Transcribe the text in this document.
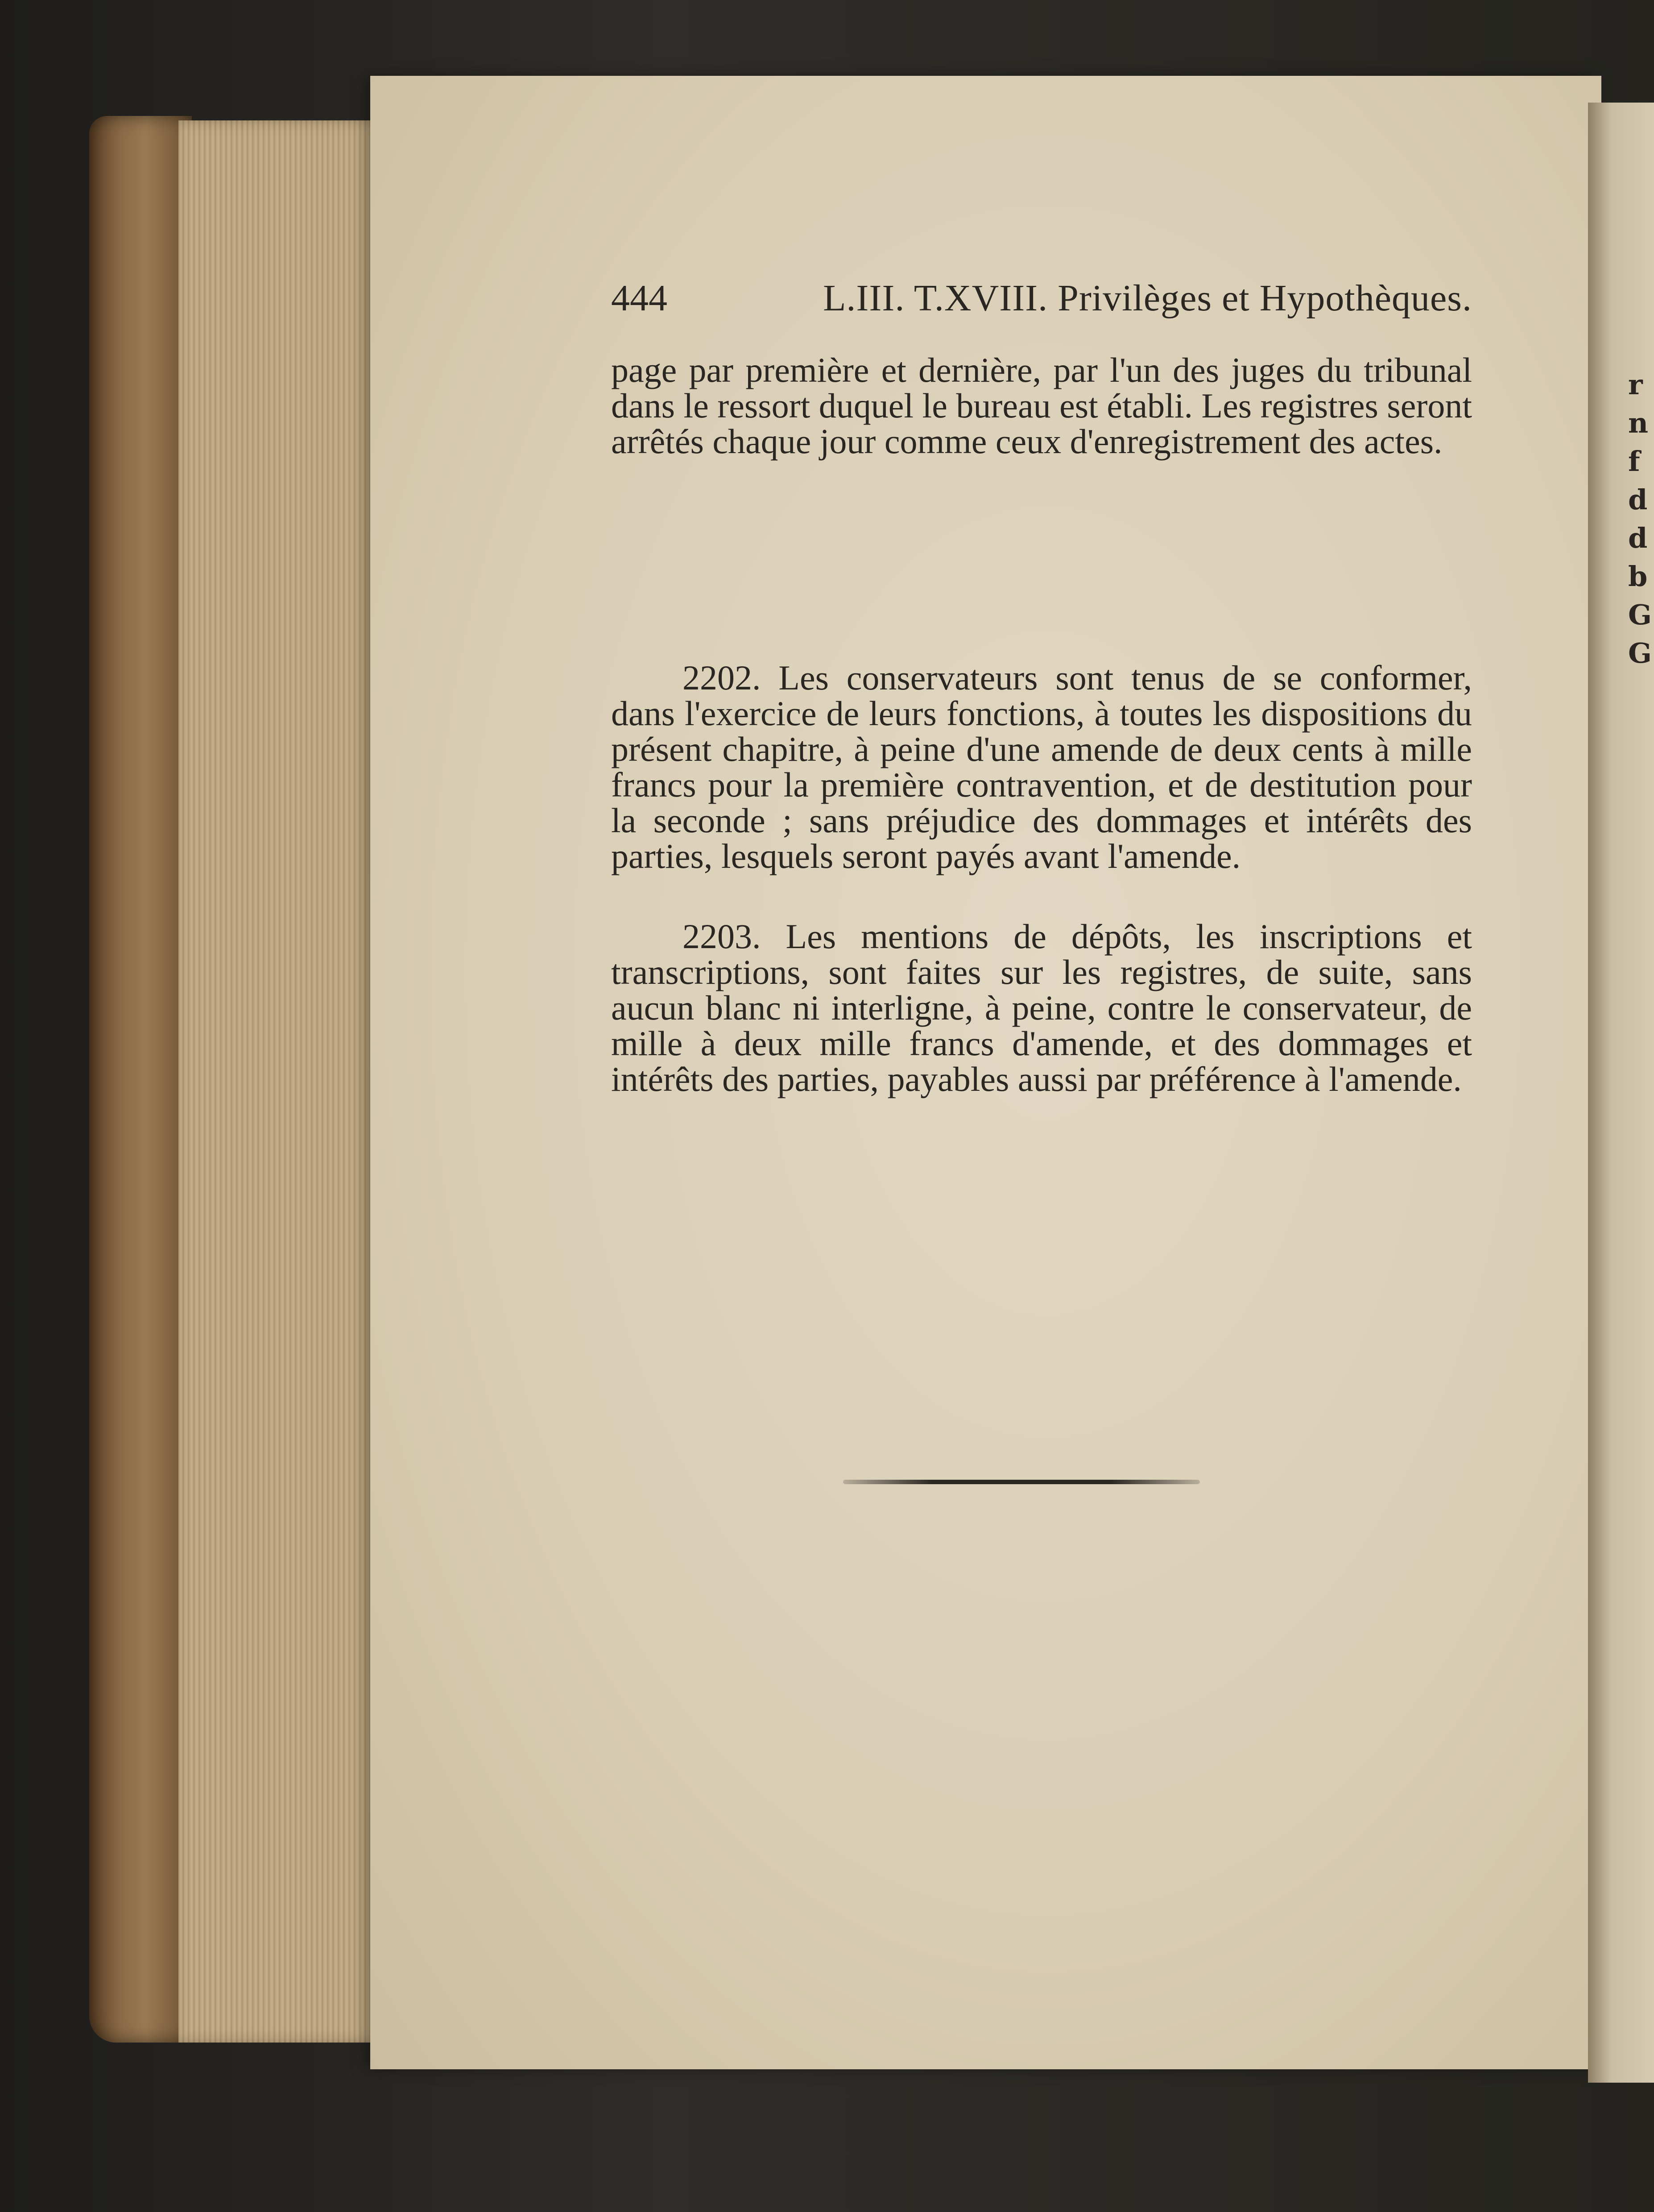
r
n
f
d
d
b
G
G
444	L.III. T.XVIII. Privilèges et Hypothèques.

page par première et dernière, par l'un des juges du tribunal dans le ressort duquel le bureau est établi. Les registres seront arrêtés chaque jour comme ceux d'enregistrement des actes.

2202. Les conservateurs sont tenus de se conformer, dans l'exercice de leurs fonctions, à toutes les dispositions du présent chapitre, à peine d'une amende de deux cents à mille francs pour la première contravention, et de destitution pour la seconde ; sans préjudice des dommages et intérêts des parties, lesquels seront payés avant l'amende.

2203. Les mentions de dépôts, les inscriptions et transcriptions, sont faites sur les registres, de suite, sans aucun blanc ni interligne, à peine, contre le conservateur, de mille à deux mille francs d'amende, et des dommages et intérêts des parties, payables aussi par préférence à l'amende.
